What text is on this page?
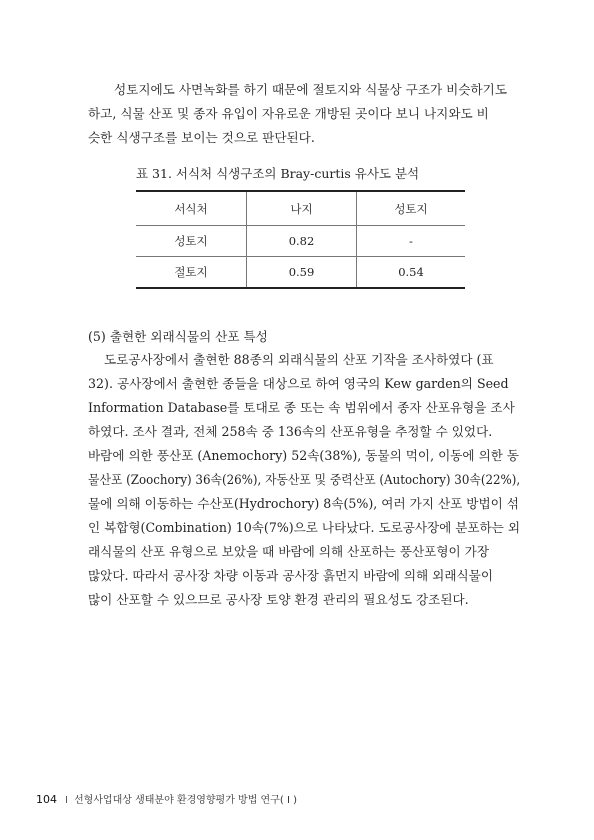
성토지에도 사면녹화를 하기 때문에 절토지와 식물상 구조가 비슷하기도
하고, 식물 산포 및 종자 유입이 자유로운 개방된 곳이다 보니 나지와도 비
슷한 식생구조를 보이는 것으로 판단된다.
표 31. 서식처 식생구조의 Bray-curtis 유사도 분석
서식처	나지	성토지
성토지	0.82	-
절토지	0.59	0.54
(5) 출현한 외래식물의 산포 특성
도로공사장에서 출현한 88종의 외래식물의 산포 기작을 조사하였다 (표
32). 공사장에서 출현한 종들을 대상으로 하여 영국의 Kew garden의 Seed
Information Database를 토대로 종 또는 속 범위에서 종자 산포유형을 조사
하였다. 조사 결과, 전체 258속 중 136속의 산포유형을 추정할 수 있었다.
바람에 의한 풍산포 (Anemochory) 52속(38%), 동물의 먹이, 이동에 의한 동
물산포 (Zoochory) 36속(26%), 자동산포 및 중력산포 (Autochory) 30속(22%),
물에 의해 이동하는 수산포(Hydrochory) 8속(5%), 여러 가지 산포 방법이 섞
인 복합형(Combination) 10속(7%)으로 나타났다. 도로공사장에 분포하는 외
래식물의 산포 유형으로 보았을 때 바람에 의해 산포하는 풍산포형이 가장
많았다. 따라서 공사장 차량 이동과 공사장 흙먼지 바람에 의해 외래식물이
많이 산포할 수 있으므로 공사장 토양 환경 관리의 필요성도 강조된다.
104 I 선형사업대상 생태분야 환경영향평가 방법 연구( I )
